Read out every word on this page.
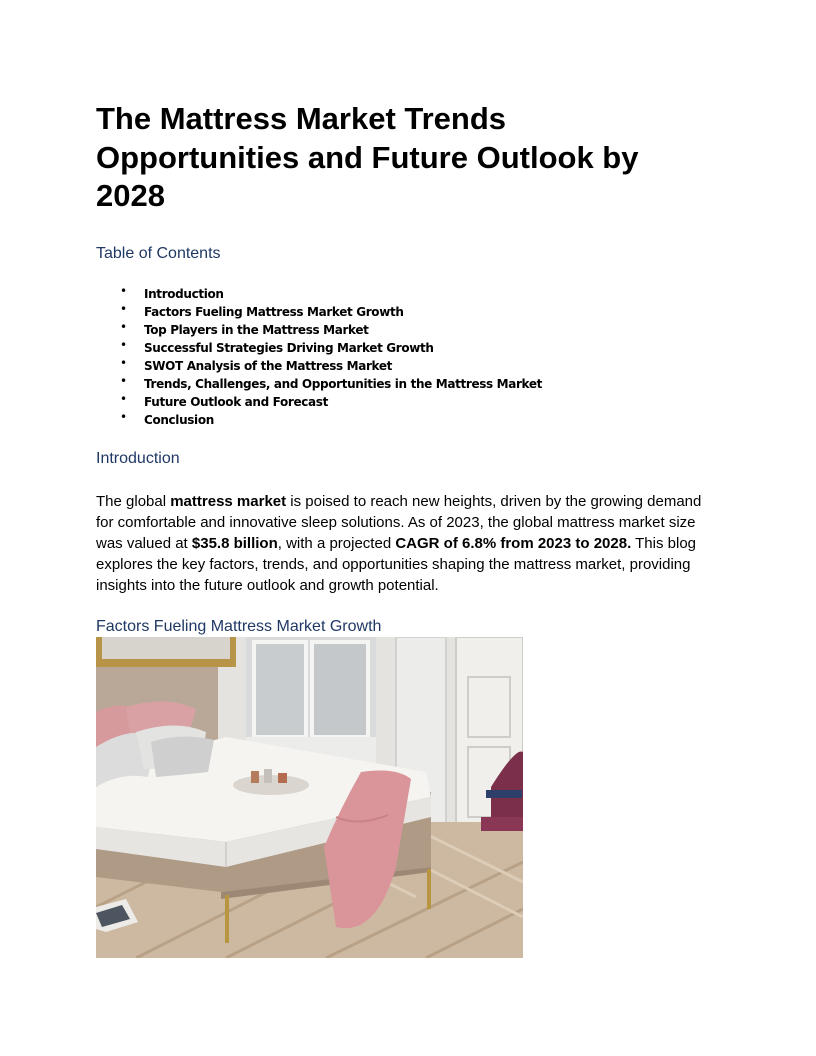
The Mattress Market Trends Opportunities and Future Outlook by 2028
Table of Contents
• Introduction
• Factors Fueling Mattress Market Growth
• Top Players in the Mattress Market
• Successful Strategies Driving Market Growth
• SWOT Analysis of the Mattress Market
• Trends, Challenges, and Opportunities in the Mattress Market
• Future Outlook and Forecast
• Conclusion
Introduction

The global mattress market is poised to reach new heights, driven by the growing demand for comfortable and innovative sleep solutions. As of 2023, the global mattress market size was valued at $35.8 billion, with a projected CAGR of 6.8% from 2023 to 2028. This blog explores the key factors, trends, and opportunities shaping the mattress market, providing insights into the future outlook and growth potential.

Factors Fueling Mattress Market Growth
